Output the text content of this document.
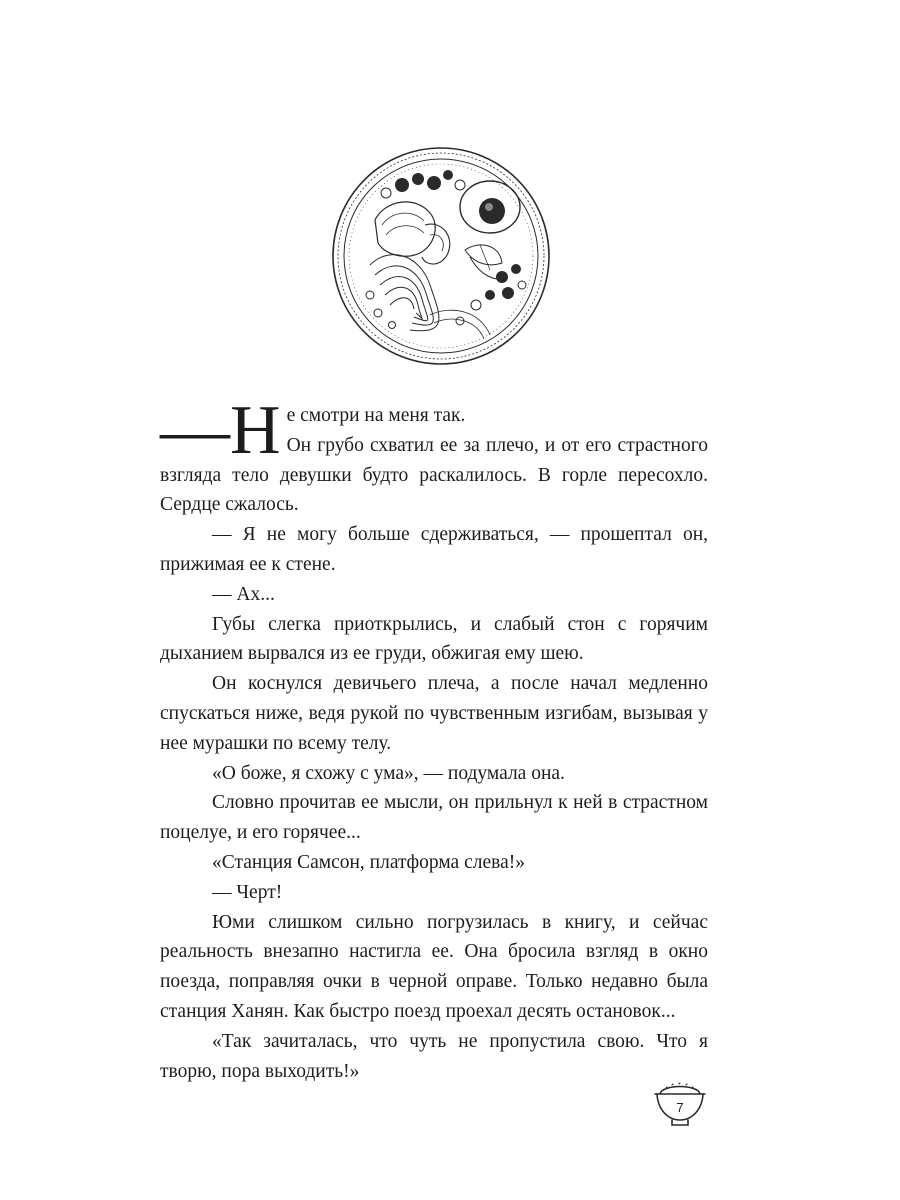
—Н е смотри на меня так.

Он грубо схватил ее за плечо, и от его страстного взгляда тело девушки будто раскалилось. В горле пересохло. Сердце сжалось.

— Я не могу больше сдерживаться, — прошептал он, прижимая ее к стене.

— Ах...

Губы слегка приоткрылись, и слабый стон с горячим дыханием вырвался из ее груди, обжигая ему шею.

Он коснулся девичьего плеча, а после начал медленно спускаться ниже, ведя рукой по чувственным изгибам, вызывая у нее мурашки по всему телу.

«О боже, я схожу с ума», — подумала она.

Словно прочитав ее мысли, он прильнул к ней в страстном поцелуе, и его горячее...

«Станция Самсон, платформа слева!»

— Черт!

Юми слишком сильно погрузилась в книгу, и сейчас реальность внезапно настигла ее. Она бросила взгляд в окно поезда, поправляя очки в черной оправе. Только недавно была станция Ханян. Как быстро поезд проехал десять остановок...

«Так зачиталась, что чуть не пропустила свою. Что я творю, пора выходить!»

7
